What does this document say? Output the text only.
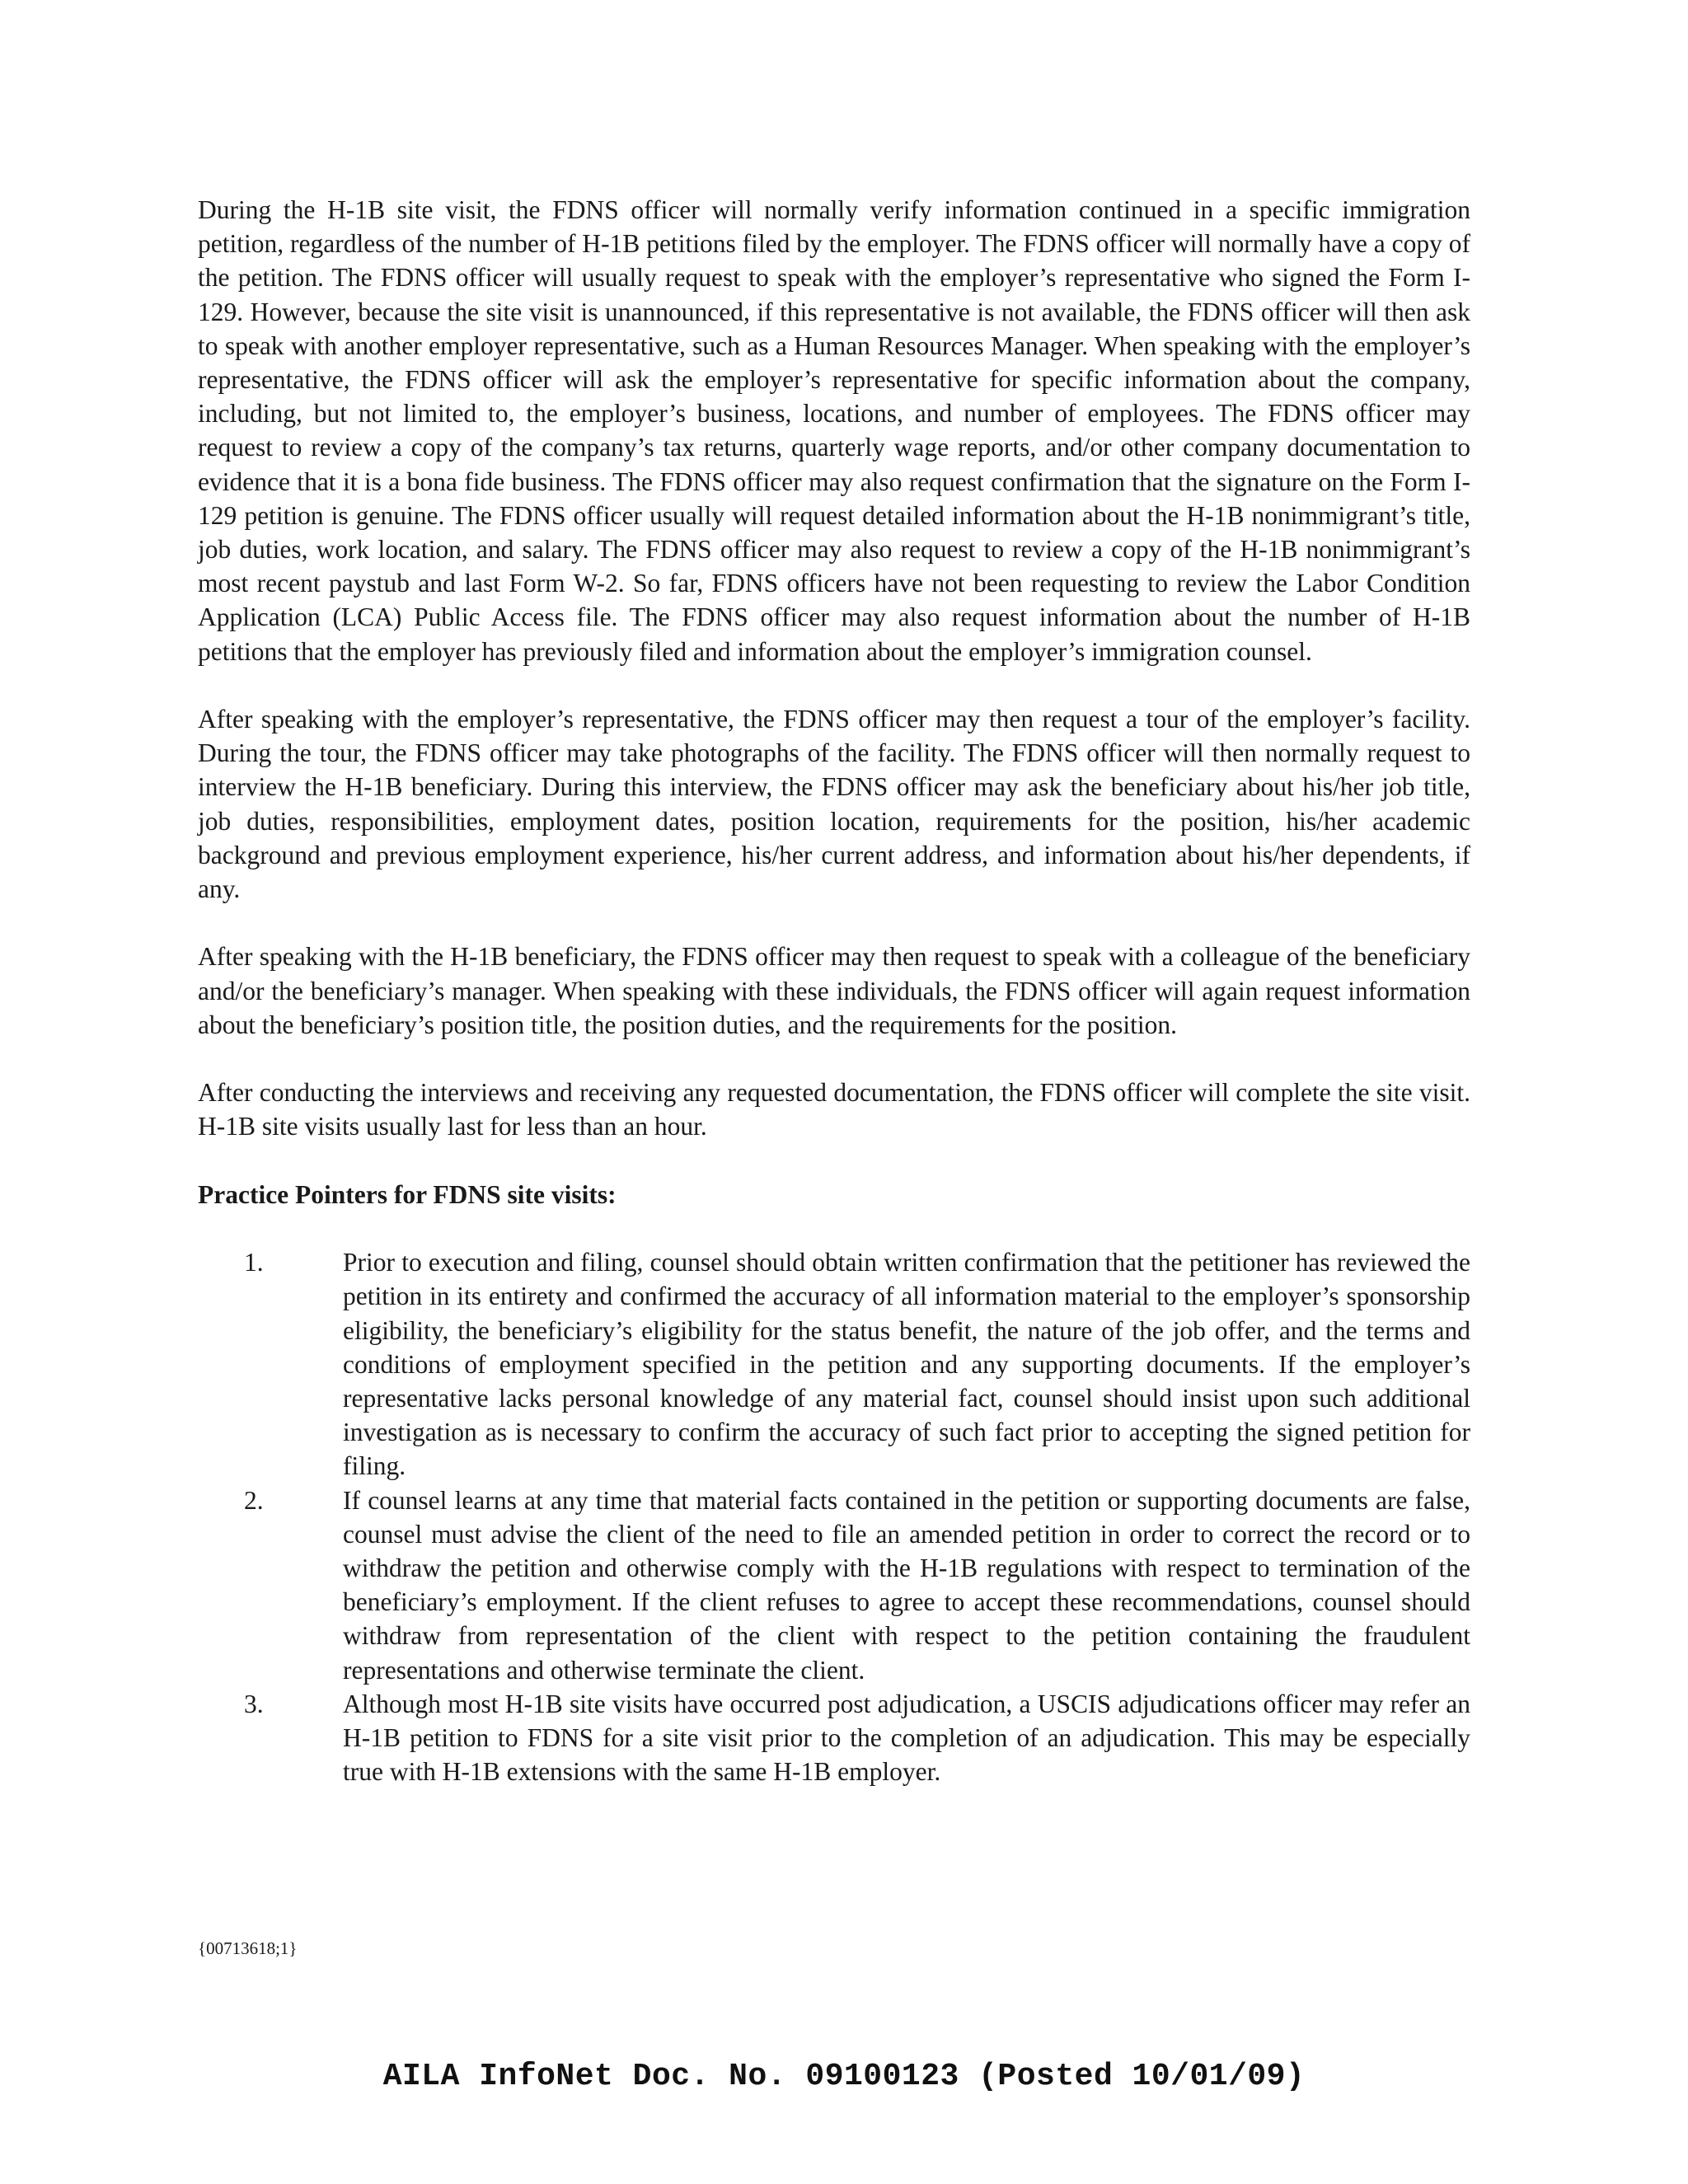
During the H-1B site visit, the FDNS officer will normally verify information continued in a specific immigration petition, regardless of the number of H-1B petitions filed by the employer. The FDNS officer will normally have a copy of the petition. The FDNS officer will usually request to speak with the employer’s representative who signed the Form I-129. However, because the site visit is unannounced, if this representative is not available, the FDNS officer will then ask to speak with another employer representative, such as a Human Resources Manager. When speaking with the employer’s representative, the FDNS officer will ask the employer’s representative for specific information about the company, including, but not limited to, the employer’s business, locations, and number of employees. The FDNS officer may request to review a copy of the company’s tax returns, quarterly wage reports, and/or other company documentation to evidence that it is a bona fide business. The FDNS officer may also request confirmation that the signature on the Form I-129 petition is genuine. The FDNS officer usually will request detailed information about the H-1B nonimmigrant’s title, job duties, work location, and salary. The FDNS officer may also request to review a copy of the H-1B nonimmigrant’s most recent paystub and last Form W-2. So far, FDNS officers have not been requesting to review the Labor Condition Application (LCA) Public Access file. The FDNS officer may also request information about the number of H-1B petitions that the employer has previously filed and information about the employer’s immigration counsel.

After speaking with the employer’s representative, the FDNS officer may then request a tour of the employer’s facility. During the tour, the FDNS officer may take photographs of the facility. The FDNS officer will then normally request to interview the H-1B beneficiary. During this interview, the FDNS officer may ask the beneficiary about his/her job title, job duties, responsibilities, employment dates, position location, requirements for the position, his/her academic background and previous employment experience, his/her current address, and information about his/her dependents, if any.

After speaking with the H-1B beneficiary, the FDNS officer may then request to speak with a colleague of the beneficiary and/or the beneficiary’s manager. When speaking with these individuals, the FDNS officer will again request information about the beneficiary’s position title, the position duties, and the requirements for the position.

After conducting the interviews and receiving any requested documentation, the FDNS officer will complete the site visit. H-1B site visits usually last for less than an hour.

Practice Pointers for FDNS site visits:

1.	Prior to execution and filing, counsel should obtain written confirmation that the petitioner has reviewed the petition in its entirety and confirmed the accuracy of all information material to the employer’s sponsorship eligibility, the beneficiary’s eligibility for the status benefit, the nature of the job offer, and the terms and conditions of employment specified in the petition and any supporting documents. If the employer’s representative lacks personal knowledge of any material fact, counsel should insist upon such additional investigation as is necessary to confirm the accuracy of such fact prior to accepting the signed petition for filing.
2.	If counsel learns at any time that material facts contained in the petition or supporting documents are false, counsel must advise the client of the need to file an amended petition in order to correct the record or to withdraw the petition and otherwise comply with the H-1B regulations with respect to termination of the beneficiary’s employment. If the client refuses to agree to accept these recommendations, counsel should withdraw from representation of the client with respect to the petition containing the fraudulent representations and otherwise terminate the client.
3.	Although most H-1B site visits have occurred post adjudication, a USCIS adjudications officer may refer an H-1B petition to FDNS for a site visit prior to the completion of an adjudication. This may be especially true with H-1B extensions with the same H-1B employer.
{00713618;1}
AILA InfoNet Doc. No. 09100123 (Posted 10/01/09)
